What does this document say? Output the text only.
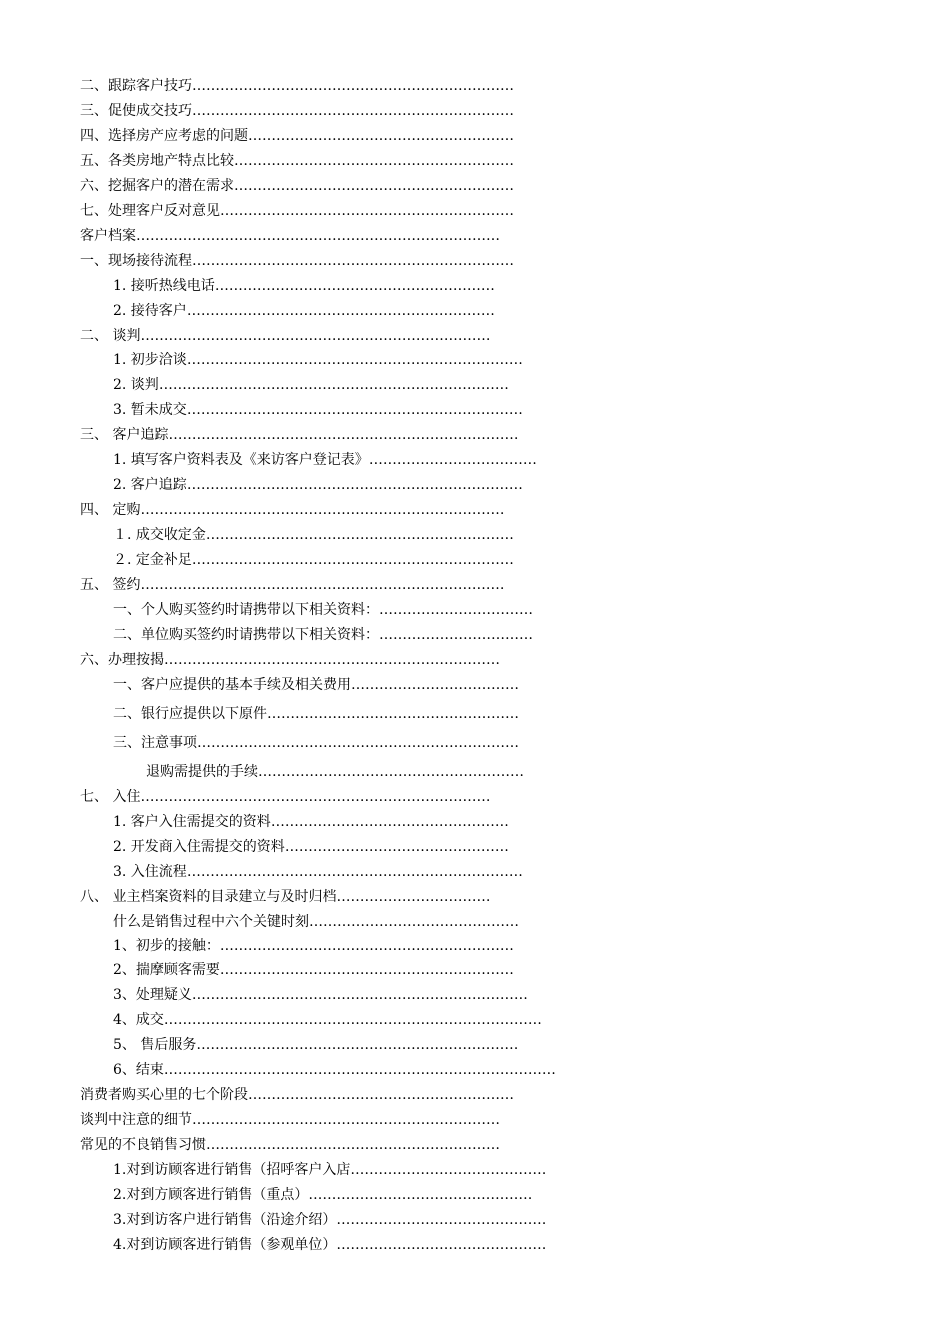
二、跟踪客户技巧……………………………………………………………
三、促使成交技巧……………………………………………………………
四、选择房产应考虑的问题…………………………………………………
五、各类房地产特点比较……………………………………………………
六、挖掘客户的潜在需求……………………………………………………
七、处理客户反对意见………………………………………………………
客户档案……………………………………………………………………
一、现场接待流程……………………………………………………………
1. 接听热线电话……………………………………………………
2. 接待客户…………………………………………………………
二、 谈判…………………………………………………………………
1. 初步洽谈………………………………………………………………
2. 谈判…………………………………………………………………
3. 暂未成交………………………………………………………………
三、 客户追踪…………………………………………………………………
1. 填写客户资料表及《来访客户登记表》………………………………
2. 客户追踪………………………………………………………………
四、 定购……………………………………………………………………
１. 成交收定金…………………………………………………………
２. 定金补足……………………………………………………………
五、 签约……………………………………………………………………
一、个人购买签约时请携带以下相关资料：……………………………
二、单位购买签约时请携带以下相关资料：……………………………
六、办理按揭………………………………………………………………
一、客户应提供的基本手续及相关费用………………………………
二、银行应提供以下原件………………………………………………
三、注意事项……………………………………………………………
退购需提供的手续…………………………………………………
七、 入住…………………………………………………………………
1. 客户入住需提交的资料……………………………………………
2. 开发商入住需提交的资料…………………………………………
3. 入住流程………………………………………………………………
八、 业主档案资料的目录建立与及时归档……………………………
什么是销售过程中六个关键时刻………………………………………
1、初步的接触：………………………………………………………
2、揣摩顾客需要………………………………………………………
3、处理疑义………………………………………………………………
4、成交………………………………………………………………………
5、 售后服务……………………………………………………………
6、结束…………………………………………………………………………
消费者购买心里的七个阶段…………………………………………………
谈判中注意的细节…………………………………………………………
常见的不良销售习惯………………………………………………………
1.对到访顾客进行销售（招呼客户入店……………………………………
2.对到方顾客进行销售（重点）…………………………………………
3.对到访客户进行销售（沿途介绍）………………………………………
4.对到访顾客进行销售（参观单位）………………………………………
